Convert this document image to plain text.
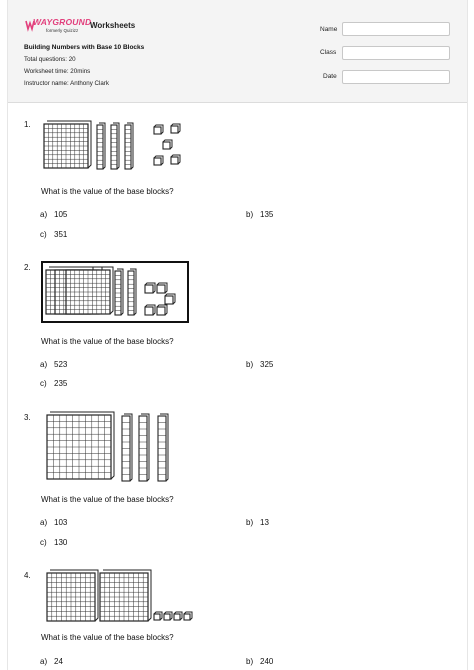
WAYGROUND
formerly Quizizz
Worksheets
Building Numbers with Base 10 Blocks
Total questions: 20
Worksheet time: 20mins
Instructor name: Anthony Clark
Name
Class
Date
1.
What is the value of the base blocks?
a) 105	b) 135
c) 351
2.
What is the value of the base blocks?
a) 523	b) 325
c) 235
3.
What is the value of the base blocks?
a) 103	b) 13
c) 130
4.
What is the value of the base blocks?
a) 24	b) 240
